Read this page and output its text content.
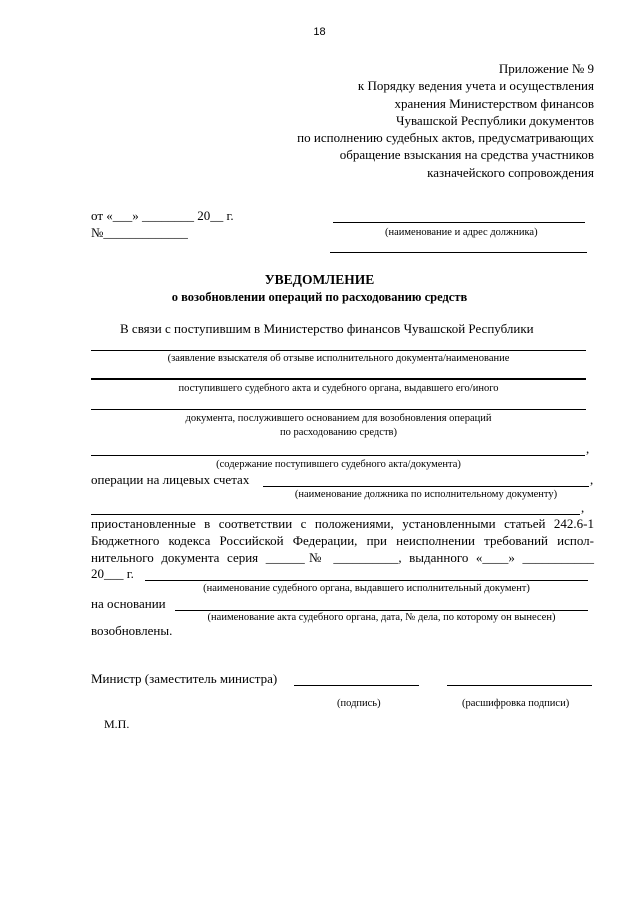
18
Приложение № 9
к Порядку ведения учета и осуществления
хранения Министерством финансов
Чувашской Республики документов
по исполнению судебных актов, предусматривающих
обращение взыскания на средства участников
казначейского сопровождения
от «___» ________ 20__ г.
№_____________	(наименование и адрес должника)
УВЕДОМЛЕНИЕ
о возобновлении операций по расходованию средств
В связи с поступившим в Министерство финансов Чувашской Республики
(заявление взыскателя об отзыве исполнительного документа/наименование
поступившего судебного акта и судебного органа, выдавшего его/иного
документа, послужившего основанием для возобновления операций
по расходованию средств)
,
(содержание поступившего судебного акта/документа)
операции на лицевых счетах	,
(наименование должника по исполнительному документу)
,
приостановленные в соответствии с положениями, установленными статьей 242.6-1
Бюджетного кодекса Российской Федерации, при неисполнении требований испол-
нительного документа серия ______№ __________, выданного «____» ___________
20___ г.
(наименование судебного органа, выдавшего исполнительный документ)
на основании
(наименование акта судебного органа, дата, № дела, по которому он вынесен)
возобновлены.
Министр (заместитель министра)
(подпись)	(расшифровка подписи)
М.П.
